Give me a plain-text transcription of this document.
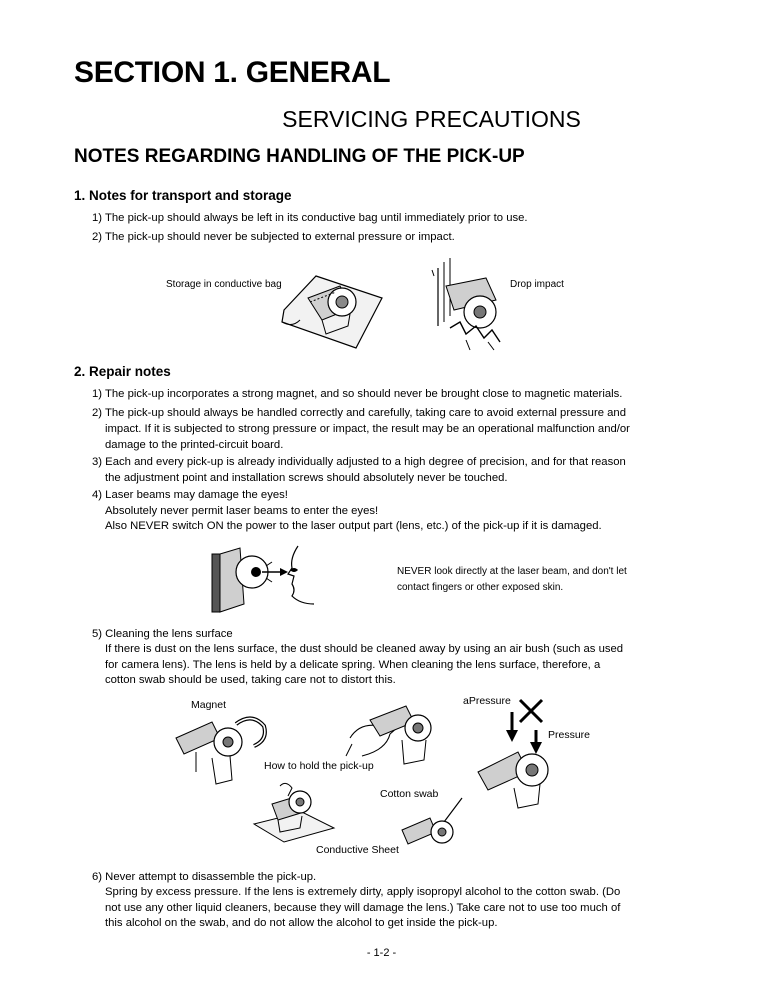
SECTION 1. GENERAL
SERVICING PRECAUTIONS
NOTES REGARDING HANDLING OF THE PICK-UP
1. Notes for transport and storage
1) The pick-up should always be left in its conductive bag until immediately prior to use.
2) The pick-up should never be subjected to external pressure or impact.
Storage in conductive bag	Drop impact
2. Repair notes
1) The pick-up incorporates a strong magnet, and so should never be brought close to magnetic materials.
2) The pick-up should always be handled correctly and carefully, taking care to avoid external pressure and
impact. If it is subjected to strong pressure or impact, the result may be an operational malfunction and/or
damage to the printed-circuit board.
3) Each and every pick-up is already individually adjusted to a high degree of precision, and for that reason
the adjustment point and installation screws should absolutely never be touched.
4) Laser beams may damage the eyes!
Absolutely never permit laser beams to enter the eyes!
Also NEVER switch ON the power to the laser output part (lens, etc.) of the pick-up if it is damaged.
NEVER look directly at the laser beam, and don't let
contact fingers or other exposed skin.
5) Cleaning the lens surface
If there is dust on the lens surface, the dust should be cleaned away by using an air bush (such as used
for camera lens). The lens is held by a delicate spring. When cleaning the lens surface, therefore, a
cotton swab should be used, taking care not to distort this.
Magnet	aPressure
Pressure
How to hold the pick-up
Cotton swab
Conductive Sheet
6) Never attempt to disassemble the pick-up.
Spring by excess pressure. If the lens is extremely dirty, apply isopropyl alcohol to the cotton swab. (Do
not use any other liquid cleaners, because they will damage the lens.) Take care not to use too much of
this alcohol on the swab, and do not allow the alcohol to get inside the pick-up.
- 1-2 -
